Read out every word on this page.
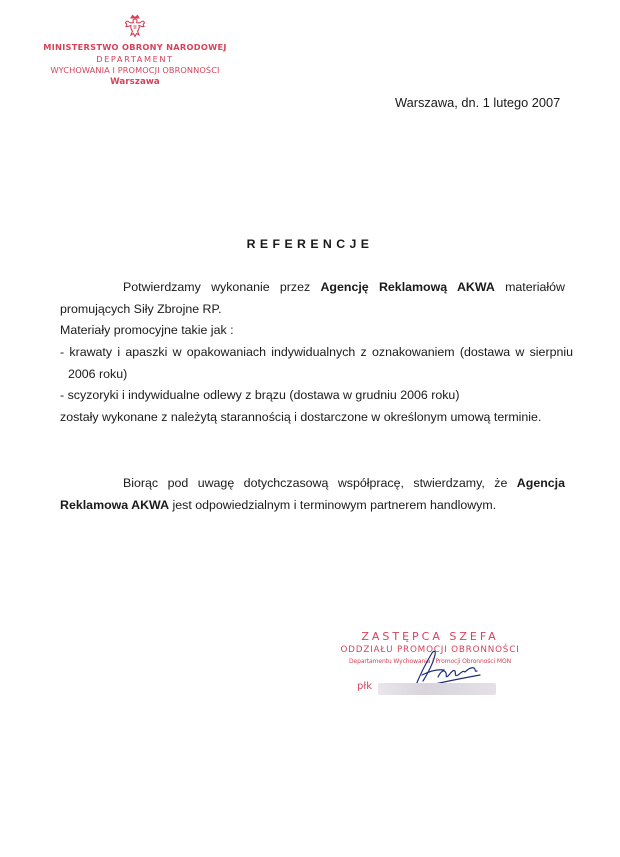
MINISTERSTWO OBRONY NARODOWEJ
DEPARTAMENT
WYCHOWANIA I PROMOCJI OBRONNOŚCI
Warszawa
Warszawa, dn. 1 lutego 2007
REFERENCJE
Potwierdzamy wykonanie przez Agencję Reklamową AKWA materiałów promujących Siły Zbrojne RP.
Materiały promocyjne takie jak :
- krawaty i apaszki w opakowaniach indywidualnych z oznakowaniem (dostawa w sierpniu 2006 roku)
- scyzoryki i indywidualne odlewy z brązu (dostawa w grudniu 2006 roku)
zostały wykonane z należytą starannością i dostarczone w określonym umową terminie.
Biorąc pod uwagę dotychczasową współpracę, stwierdzamy, że Agencja Reklamowa AKWA jest odpowiedzialnym i terminowym partnerem handlowym.
ZASTĘPCA SZEFA
ODDZIAŁU PROMOCJI OBRONNOŚCI
Departamentu Wychowania i Promocji Obronności MON
płk
